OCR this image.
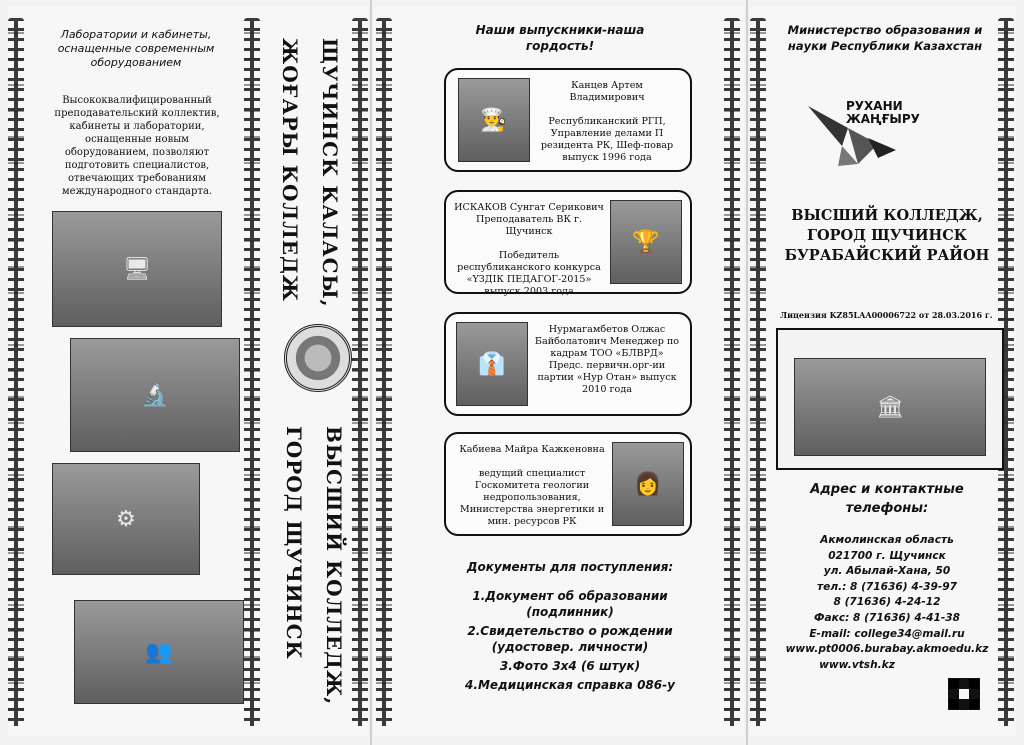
Лаборатории и кабинеты, оснащенные современным оборудованием
Высококвалифицированный преподавательский коллектив, кабинеты и лаборатории, оснащенные новым оборудованием, позволяют подготовить специалистов, отвечающих требованиям международного стандарта.
🖥
🔬
⚙
👥
ЩУЧИНСК КАЛАСЫ, ЖОҒАРЫ КОЛЛЕДЖ
ВЫСШИЙ КОЛЛЕДЖ, ГОРОД ЩУЧИНСК
Наши выпускники-наша гордость!
👨‍🍳
Канцев Артем Владимирович

Республиканский РГП, Управление делами П резидента РК, Шеф-повар выпуск 1996 года
ИСКАКОВ Сунгат Серикович Преподаватель ВК г. Щучинск

Победитель республиканского конкурса «ҮЗДІК ПЕДАГОГ-2015» выпуск 2003 года
🏆
👔
Нурмагамбетов Олжас Байболатович Менеджер по кадрам ТОО «БЛВРД» Предс. первичн.орг-ии партии «Нур Отан» выпуск 2010 года
Кабиева Майра Кажкеновна

ведущий специалист Госкомитета геологии недропользования, Министерства энергетики и мин. ресурсов РК
👩

Документы для поступления:

1.Документ об образовании (подлинник)

2.Свидетельство о рождении (удостовер. личности)

3.Фото 3x4 (6 штук)

4.Медицинская справка 086-у

Министерство образования и науки Республики Казахстан
РУХАНИ ЖАҢҒЫРУ
ВЫСШИЙ КОЛЛЕДЖ, ГОРОД ЩУЧИНСК БУРАБАЙСКИЙ РАЙОН
Лицензия KZ85LAA00006722 от 28.03.2016 г.
🏛
Адрес и контактные телефоны:
Акмолинская область
021700 г. Щучинск
ул. Абылай-Хана, 50
тел.: 8 (71636) 4-39-97
8 (71636) 4-24-12
Факс: 8 (71636) 4-41-38
E-mail: college34@mail.ru
www.pt0006.burabay.akmoedu.kz
www.vtsh.kz
